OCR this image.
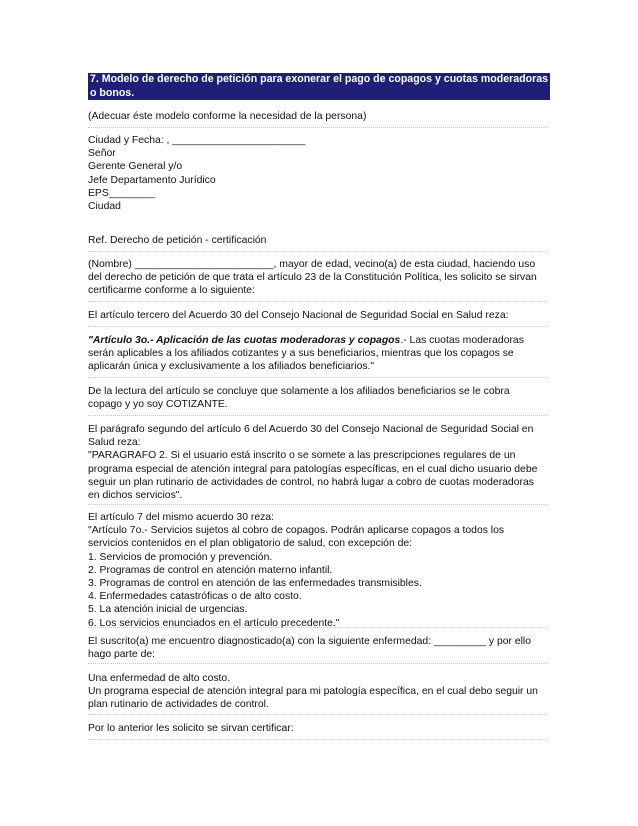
7. Modelo de derecho de petición para exonerar el pago de copagos y cuotas moderadoras
o bonos.
(Adecuar éste modelo conforme la necesidad de la persona)
Ciudad y Fecha: , _______________________
Señor
Gerente General y/o
Jefe Departamento Jurídico
EPS________
Ciudad
Ref. Derecho de petición - certificación
(Nombre) ________________________, mayor de edad, vecino(a) de esta ciudad, haciendo uso
del derecho de petición de que trata el artículo 23 de la Constitución Política, les solicito se sirvan
certificarme conforme a lo siguiente:
El artículo tercero del Acuerdo 30 del Consejo Nacional de Seguridad Social en Salud reza:
"Artículo 3o.- Aplicación de las cuotas moderadoras y copagos.- Las cuotas moderadoras
serán aplicables a los afiliados cotizantes y a sus beneficiarios, mientras que los copagos se
aplicarán única y exclusivamente a los afiliados beneficiarios."
De la lectura del artículo se concluye que solamente a los afiliados beneficiarios se le cobra
copago y yo soy COTIZANTE.
El parágrafo segundo del artículo 6 del Acuerdo 30 del Consejo Nacional de Seguridad Social en
Salud reza:
"PARAGRAFO 2. Si el usuario está inscrito o se somete a las prescripciones regulares de un
programa especial de atención integral para patologías específicas, en el cual dicho usuario debe
seguir un plan rutinario de actividades de control, no habrá lugar a cobro de cuotas moderadoras
en dichos servicios".
El artículo 7 del mismo acuerdo 30 reza:
"Artículo 7o.- Servicios sujetos al cobro de copagos. Podrán aplicarse copagos a todos los
servicios contenidos en el plan obligatorio de salud, con excepción de:
1. Servicios de promoción y prevención.
2. Programas de control en atención materno infantil.
3. Programas de control en atención de las enfermedades transmisibles.
4. Enfermedades catastróficas o de alto costo.
5. La atención inicial de urgencias.
6. Los servicios enunciados en el artículo precedente."
El suscrito(a) me encuentro diagnosticado(a) con la siguiente enfermedad: _________ y por ello
hago parte de:
Una enfermedad de alto costo.
Un programa especial de atención integral para mi patología específica, en el cual debo seguir un
plan rutinario de actividades de control.
Por lo anterior les solicito se sirvan certificar:
